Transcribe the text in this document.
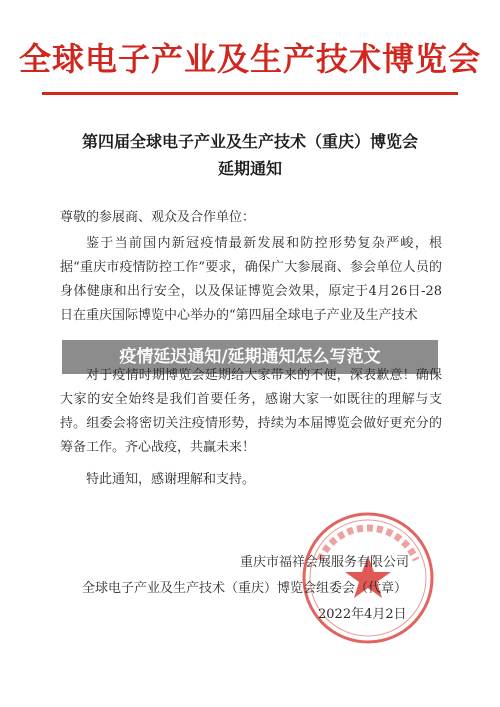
全球电子产业及生产技术博览会
第四届全球电子产业及生产技术（重庆）博览会
延期通知
尊敬的参展商、观众及合作单位：
鉴于当前国内新冠疫情最新发展和防控形势复杂严峻，根据“重庆市疫情防控工作”要求，确保广大参展商、参会单位人员的身体健康和出行安全，以及保证博览会效果，原定于4月26日-28日在重庆国际博览中心举办的“第四届全球电子产业及生产技术
疫情延迟通知/延期通知怎么写范文
对于疫情时期博览会延期给大家带来的不便，深表歉意！确保大家的安全始终是我们首要任务，感谢大家一如既往的理解与支持。组委会将密切关注疫情形势，持续为本届博览会做好更充分的筹备工作。齐心战疫，共赢未来！
特此通知，感谢理解和支持。
重庆市福祥会展服务有限公司
全球电子产业及生产技术（重庆）博览会组委会（代章）
2022年4月2日
